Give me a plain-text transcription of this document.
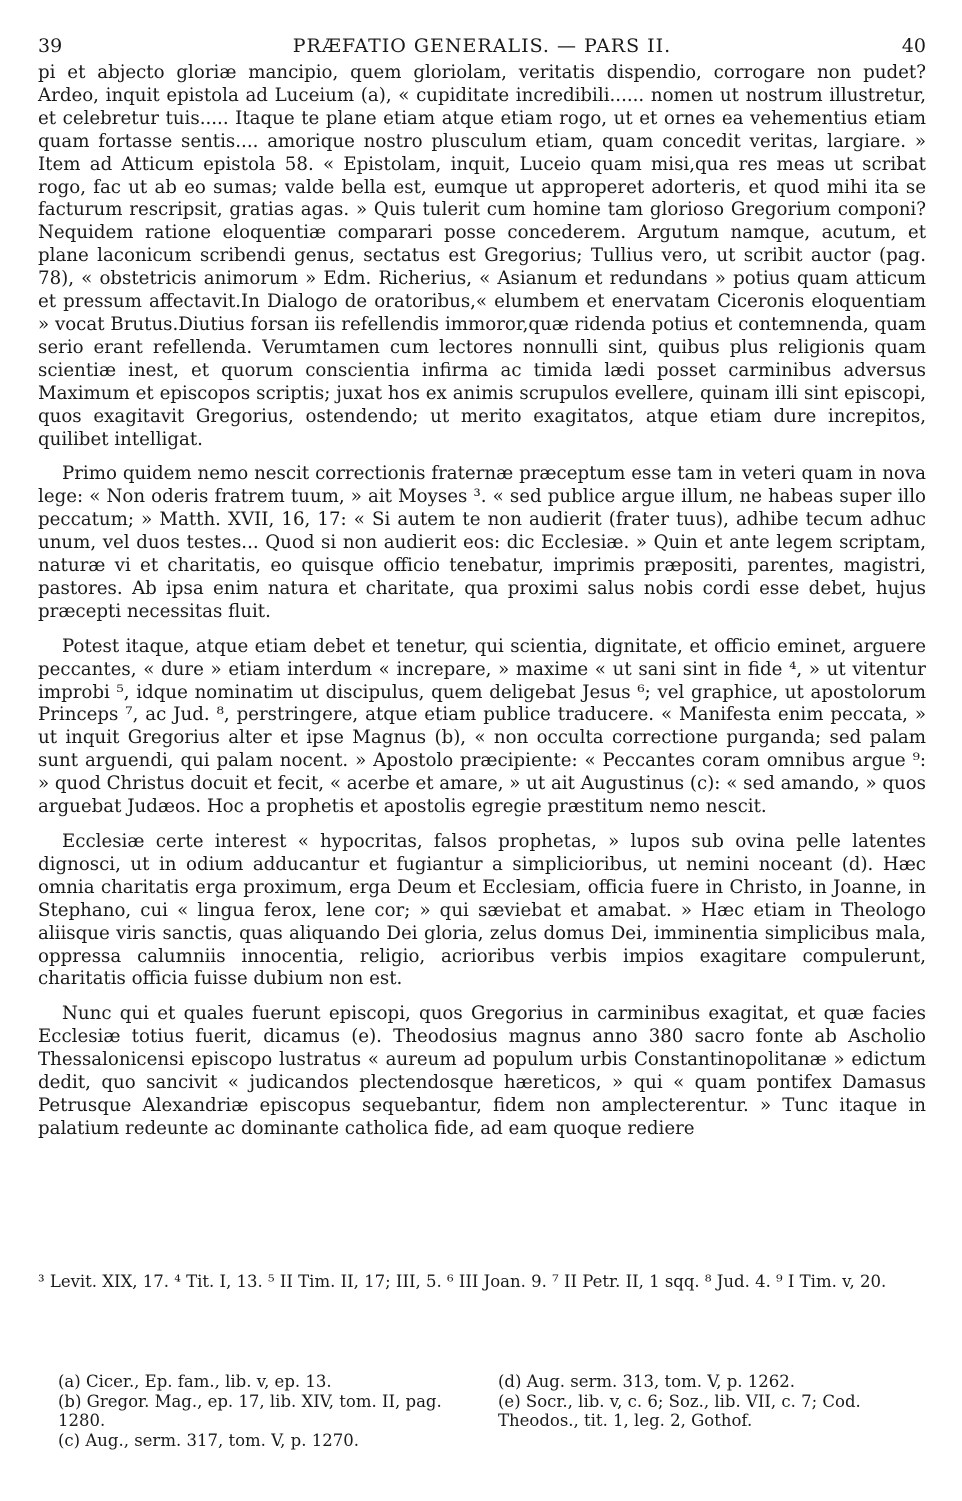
39	PRÆFATIO GENERALIS. — PARS II.	40

pi et abjecto gloriæ mancipio, quem gloriolam, veritatis dispendio, corrogare non pudet? Ardeo, inquit epistola ad Luceium (a), « cupiditate incredibili...... nomen ut nostrum illustretur, et celebretur tuis..... Itaque te plane etiam atque etiam rogo, ut et ornes ea vehementius etiam quam fortasse sentis.... amorique nostro plusculum etiam, quam concedit veritas, largiare. » Item ad Atticum epistola 58. « Epistolam, inquit, Luceio quam misi,qua res meas ut scribat rogo, fac ut ab eo sumas; valde bella est, eumque ut approperet adorteris, et quod mihi ita se facturum rescripsit, gratias agas. » Quis tulerit cum homine tam glorioso Gregorium componi? Nequidem ratione eloquentiæ comparari posse concederem. Argutum namque, acutum, et plane laconicum scribendi genus, sectatus est Gregorius; Tullius vero, ut scribit auctor (pag. 78), « obstetricis animorum » Edm. Richerius, « Asianum et redundans » potius quam atticum et pressum affectavit.In Dialogo de oratoribus,« elumbem et enervatam Ciceronis eloquentiam » vocat Brutus.Diutius forsan iis refellendis immoror,quæ ridenda potius et contemnenda, quam serio erant refellenda. Verumtamen cum lectores nonnulli sint, quibus plus religionis quam scientiæ inest, et quorum conscientia infirma ac timida lædi posset carminibus adversus Maximum et episcopos scriptis; juxat hos ex animis scrupulos evellere, quinam illi sint episcopi, quos exagitavit Gregorius, ostendendo; ut merito exagitatos, atque etiam dure increpitos, quilibet intelligat.

Primo quidem nemo nescit correctionis fraternæ præceptum esse tam in veteri quam in nova lege: « Non oderis fratrem tuum, » ait Moyses ³. « sed publice argue illum, ne habeas super illo peccatum; » Matth. XVII, 16, 17: « Si autem te non audierit (frater tuus), adhibe tecum adhuc unum, vel duos testes... Quod si non audierit eos: dic Ecclesiæ. » Quin et ante legem scriptam, naturæ vi et charitatis, eo quisque officio tenebatur, imprimis præpositi, parentes, magistri, pastores. Ab ipsa enim natura et charitate, qua proximi salus nobis cordi esse debet, hujus præcepti necessitas fluit.

Potest itaque, atque etiam debet et tenetur, qui scientia, dignitate, et officio eminet, arguere peccantes, « dure » etiam interdum « increpare, » maxime « ut sani sint in fide ⁴, » ut vitentur improbi ⁵, idque nominatim ut discipulus, quem deligebat Jesus ⁶; vel graphice, ut apostolorum Princeps ⁷, ac Jud. ⁸, perstringere, atque etiam publice traducere. « Manifesta enim peccata, » ut inquit Gregorius alter et ipse Magnus (b), « non occulta correctione purganda; sed palam sunt arguendi, qui palam nocent. » Apostolo præcipiente: « Peccantes coram omnibus argue ⁹: » quod Christus docuit et fecit, « acerbe et amare, » ut ait Augustinus (c): « sed amando, » quos arguebat Judæos. Hoc a prophetis et apostolis egregie præstitum nemo nescit.

Ecclesiæ certe interest « hypocritas, falsos prophetas, » lupos sub ovina pelle latentes dignosci, ut in odium adducantur et fugiantur a simplicioribus, ut nemini noceant (d). Hæc omnia charitatis erga proximum, erga Deum et Ecclesiam, officia fuere in Christo, in Joanne, in Stephano, cui « lingua ferox, lene cor; » qui sæviebat et amabat. » Hæc etiam in Theologo aliisque viris sanctis, quas aliquando Dei gloria, zelus domus Dei, imminentia simplicibus mala, oppressa calumniis innocentia, religio, acrioribus verbis impios exagitare compulerunt, charitatis officia fuisse dubium non est.

Nunc qui et quales fuerunt episcopi, quos Gregorius in carminibus exagitat, et quæ facies Ecclesiæ totius fuerit, dicamus (e). Theodosius magnus anno 380 sacro fonte ab Ascholio Thessalonicensi episcopo lustratus « aureum ad populum urbis Constantinopolitanæ » edictum dedit, quo sancivit « judicandos plectendosque hæreticos, » qui « quam pontifex Damasus Petrusque Alexandriæ episcopus sequebantur, fidem non amplecterentur. » Tunc itaque in palatium redeunte ac dominante catholica fide, ad eam quoque rediere

³ Levit. XIX, 17. ⁴ Tit. I, 13. ⁵ II Tim. II, 17; III, 5. ⁶ III Joan. 9. ⁷ II Petr. II, 1 sqq. ⁸ Jud. 4. ⁹ I Tim. v, 20.
(a) Cicer., Ep. fam., lib. v, ep. 13.
(b) Gregor. Mag., ep. 17, lib. XIV, tom. II, pag. 1280.
(c) Aug., serm. 317, tom. V, p. 1270.
(d) Aug. serm. 313, tom. V, p. 1262.
(e) Socr., lib. v, c. 6; Soz., lib. VII, c. 7; Cod. Theodos., tit. 1, leg. 2, Gothof.
